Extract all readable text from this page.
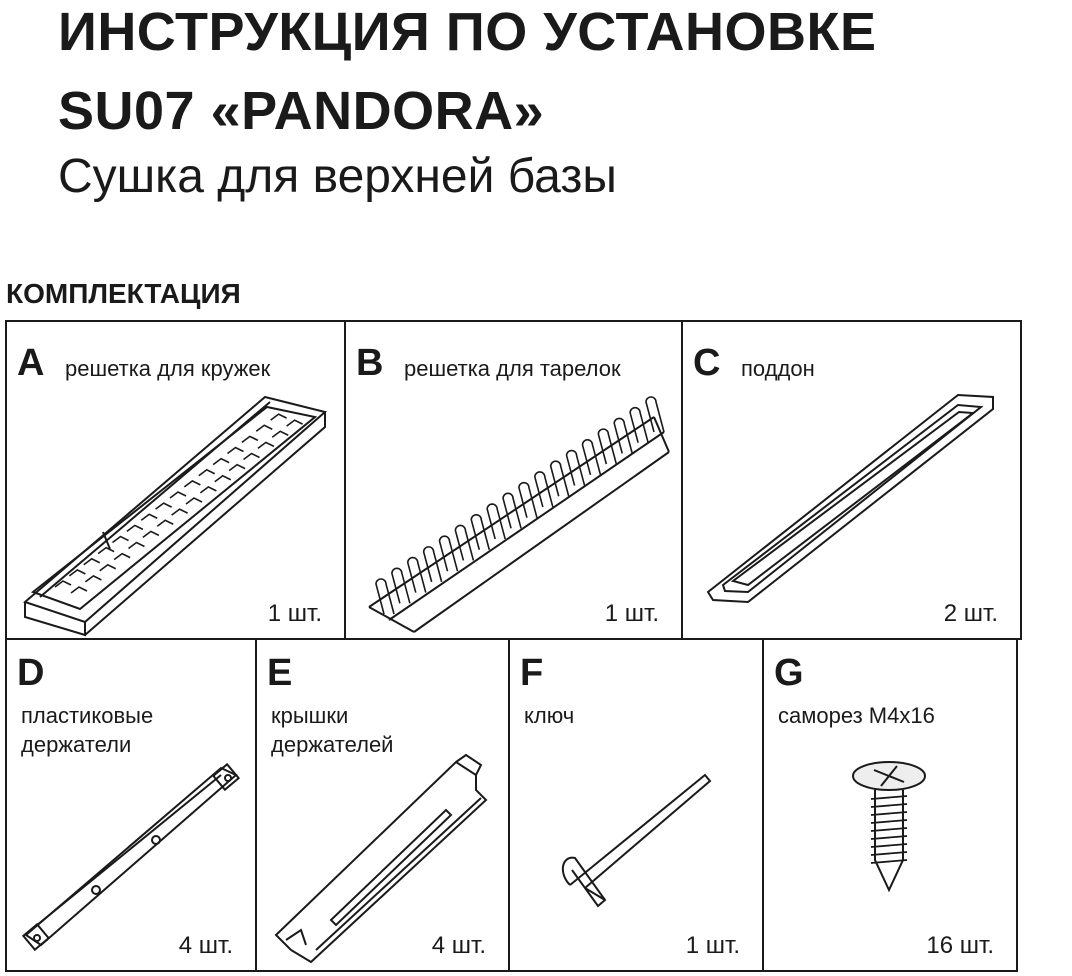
ИНСТРУКЦИЯ ПО УСТАНОВКЕ
SU07 «PANDORA»
Сушка для верхней базы
КОМПЛЕКТАЦИЯ
A решетка для кружек
1 шт.
B решетка для тарелок
1 шт.
C поддон
2 шт.
D
пластиковые
держатели
4 шт.
E
крышки
держателей
4 шт.
F
ключ
1 шт.
G
саморез М4х16
16 шт.
